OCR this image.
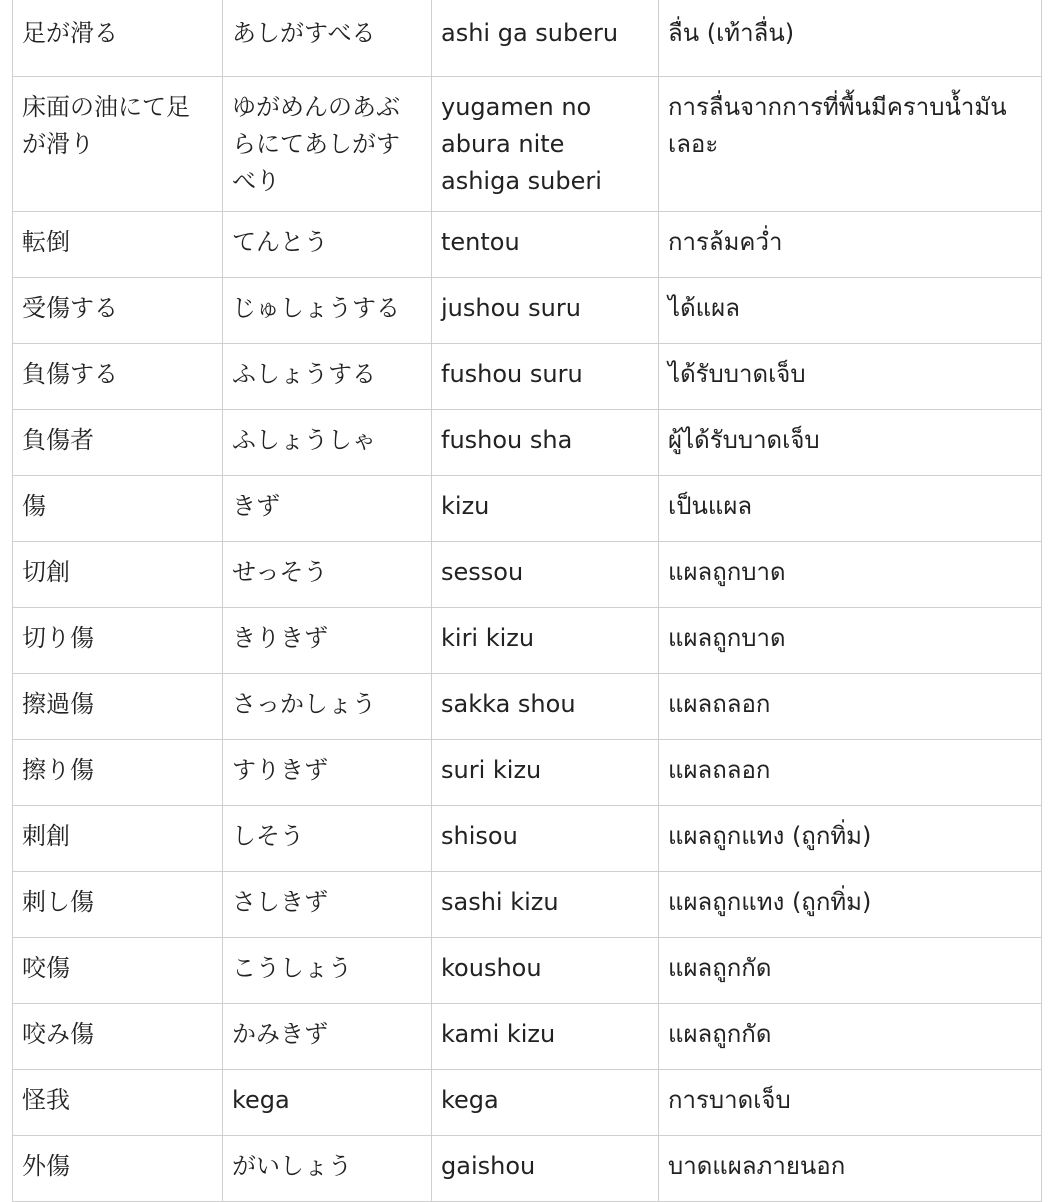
足が滑る	あしがすべる	ashi ga suberu	ลื่น (เท้าลื่น)
床面の油にて足が滑り	ゆがめんのあぶらにてあしがすべり	yugamen no abura nite ashiga suberi	การลื่นจากการที่พื้นมีคราบน้ำมันเลอะ
転倒	てんとう	tentou	การล้มคว่ำ
受傷する	じゅしょうする	jushou suru	ได้แผล
負傷する	ふしょうする	fushou suru	ได้รับบาดเจ็บ
負傷者	ふしょうしゃ	fushou sha	ผู้ได้รับบาดเจ็บ
傷	きず	kizu	เป็นแผล
切創	せっそう	sessou	แผลถูกบาด
切り傷	きりきず	kiri kizu	แผลถูกบาด
擦過傷	さっかしょう	sakka shou	แผลถลอก
擦り傷	すりきず	suri kizu	แผลถลอก
刺創	しそう	shisou	แผลถูกแทง (ถูกทิ่ม)
刺し傷	さしきず	sashi kizu	แผลถูกแทง (ถูกทิ่ม)
咬傷	こうしょう	koushou	แผลถูกกัด
咬み傷	かみきず	kami kizu	แผลถูกกัด
怪我	kega	kega	การบาดเจ็บ
外傷	がいしょう	gaishou	บาดแผลภายนอก
